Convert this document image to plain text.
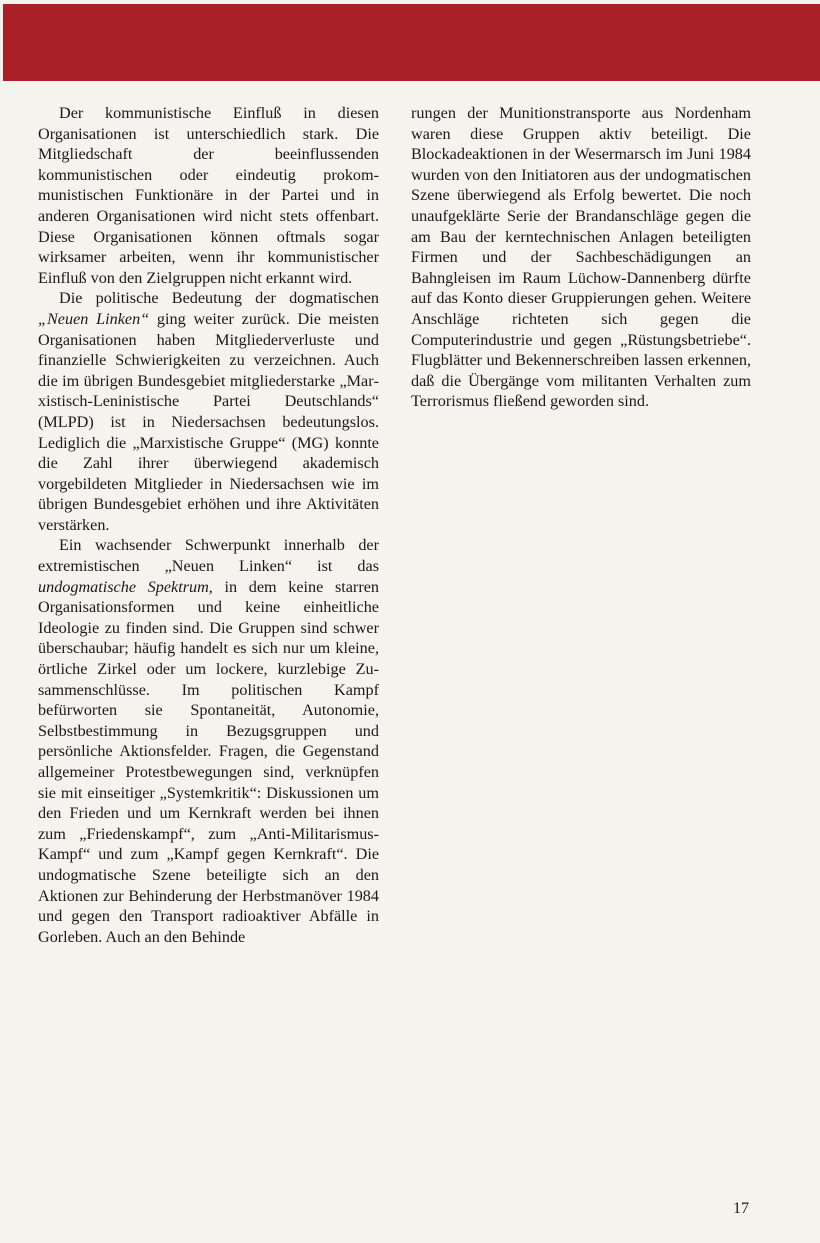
Der kommunistische Einfluß in diesen Organisationen ist unterschiedlich stark. Die Mitgliedschaft der beeinflussenden kommunistischen oder eindeutig prokommunistischen Funktionäre in der Partei und in anderen Organisationen wird nicht stets offenbart. Diese Organisationen können oftmals sogar wirksamer arbeiten, wenn ihr kommunistischer Einfluß von den Zielgruppen nicht erkannt wird.

Die politische Bedeutung der dogmatischen „Neuen Linken“ ging weiter zurück. Die meisten Organisationen haben Mitgliederverluste und finanzielle Schwierigkeiten zu verzeichnen. Auch die im übrigen Bundesgebiet mitgliederstarke „Marxistisch-Leninistische Partei Deutschlands“ (MLPD) ist in Niedersachsen bedeutungslos. Lediglich die „Marxistische Gruppe“ (MG) konnte die Zahl ihrer überwiegend akademisch vorgebildeten Mitglieder in Niedersachsen wie im übrigen Bundesgebiet erhöhen und ihre Aktivitäten verstärken.

Ein wachsender Schwerpunkt innerhalb der extremistischen „Neuen Linken“ ist das undogmatische Spektrum, in dem keine starren Organisationsformen und keine einheitliche Ideologie zu finden sind. Die Gruppen sind schwer überschaubar; häufig handelt es sich nur um kleine, örtliche Zirkel oder um lockere, kurzlebige Zusammenschlüsse. Im politischen Kampf befürworten sie Spontaneität, Autonomie, Selbstbestimmung in Bezugsgruppen und persönliche Aktionsfelder. Fragen, die Gegenstand allgemeiner Protestbewegungen sind, verknüpfen sie mit einseitiger „Systemkritik“: Diskussionen um den Frieden und um Kernkraft werden bei ihnen zum „Friedenskampf“, zum „Anti-Militarismus-Kampf“ und zum „Kampf gegen Kernkraft“. Die undogmatische Szene beteiligte sich an den Aktionen zur Behinderung der Herbstmanöver 1984 und gegen den Transport radioaktiver Abfälle in Gorleben. Auch an den Behinde

rungen der Munitionstransporte aus Nordenham waren diese Gruppen aktiv beteiligt. Die Blockadeaktionen in der Wesermarsch im Juni 1984 wurden von den Initiatoren aus der undogmatischen Szene überwiegend als Erfolg bewertet. Die noch unaufgeklärte Serie der Brandanschläge gegen die am Bau der kerntechnischen Anlagen beteiligten Firmen und der Sachbeschädigungen an Bahngleisen im Raum Lüchow-Dannenberg dürfte auf das Konto dieser Gruppierungen gehen. Weitere Anschläge richteten sich gegen die Computerindustrie und gegen „Rüstungsbetriebe“. Flugblätter und Bekennerschreiben lassen erkennen, daß die Übergänge vom militanten Verhalten zum Terrorismus fließend geworden sind.

17
